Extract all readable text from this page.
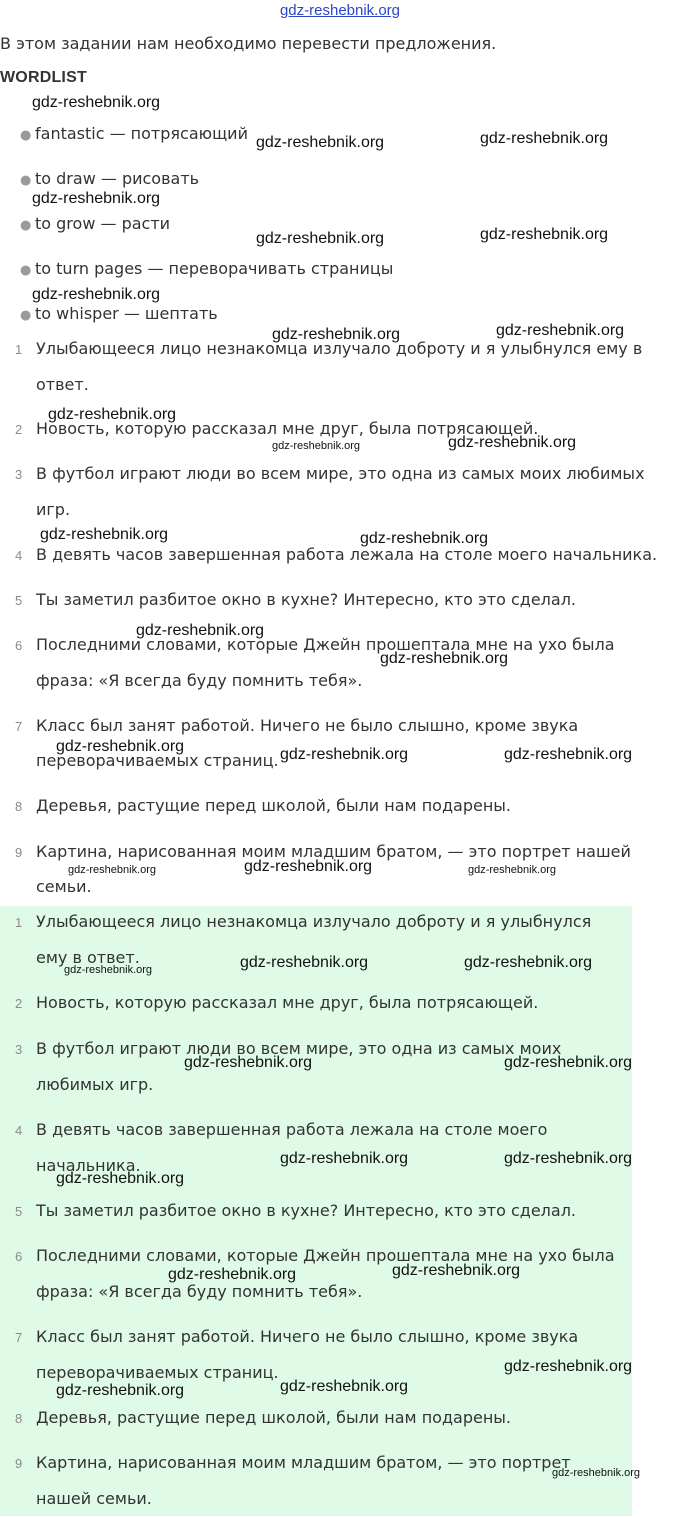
gdz-reshebnik.org
В этом задании нам необходимо перевести предложения.
WORDLIST
● fantastic — потрясающий
● to draw — рисовать
● to grow — расти
● to turn pages — переворачивать страницы
● to whisper — шептать
1 Улыбающееся лицо незнакомца излучало доброту и я улыбнулся ему в ответ.
2 Новость, которую рассказал мне друг, была потрясающей.
3 В футбол играют люди во всем мире, это одна из самых моих любимых игр.
4 В девять часов завершенная работа лежала на столе моего начальника.
5 Ты заметил разбитое окно в кухне? Интересно, кто это сделал.
6 Последними словами, которые Джейн прошептала мне на ухо была фраза: «Я всегда буду помнить тебя».
7 Класс был занят работой. Ничего не было слышно, кроме звука переворачиваемых страниц.
8 Деревья, растущие перед школой, были нам подарены.
9 Картина, нарисованная моим младшим братом, — это портрет нашей семьи.
1 Улыбающееся лицо незнакомца излучало доброту и я улыбнулся ему в ответ.
2 Новость, которую рассказал мне друг, была потрясающей.
3 В футбол играют люди во всем мире, это одна из самых моих любимых игр.
4 В девять часов завершенная работа лежала на столе моего начальника.
5 Ты заметил разбитое окно в кухне? Интересно, кто это сделал.
6 Последними словами, которые Джейн прошептала мне на ухо была фраза: «Я всегда буду помнить тебя».
7 Класс был занят работой. Ничего не было слышно, кроме звука переворачиваемых страниц.
8 Деревья, растущие перед школой, были нам подарены.
9 Картина, нарисованная моим младшим братом, — это портрет нашей семьи.
gdz-reshebnik.org
gdz-reshebnik.org	gdz-reshebnik.org
gdz-reshebnik.org
gdz-reshebnik.org	gdz-reshebnik.org
gdz-reshebnik.org
gdz-reshebnik.org	gdz-reshebnik.org
gdz-reshebnik.org
gdz-reshebnik.org	gdz-reshebnik.org
gdz-reshebnik.org	gdz-reshebnik.org
gdz-reshebnik.org
gdz-reshebnik.org
gdz-reshebnik.org	gdz-reshebnik.org	gdz-reshebnik.org
gdz-reshebnik.org	gdz-reshebnik.org	gdz-reshebnik.org
gdz-reshebnik.org	gdz-reshebnik.org	gdz-reshebnik.org
gdz-reshebnik.org	gdz-reshebnik.org
gdz-reshebnik.org	gdz-reshebnik.org
gdz-reshebnik.org
gdz-reshebnik.org	gdz-reshebnik.org
gdz-reshebnik.org
gdz-reshebnik.org
gdz-reshebnik.org
gdz-reshebnik.org
